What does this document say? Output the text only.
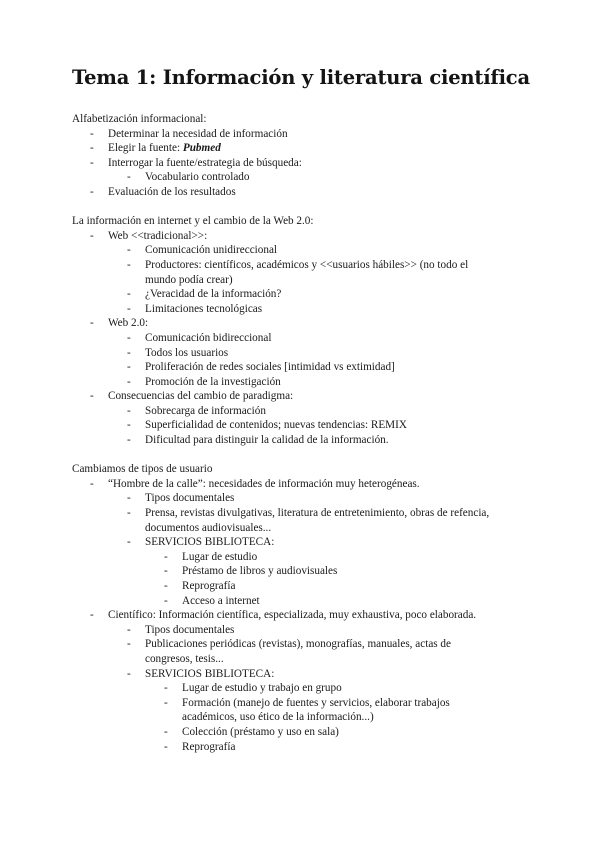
Tema 1: Información y literatura científica
Alfabetización informacional:
- Determinar la necesidad de información
- Elegir la fuente: Pubmed
- Interrogar la fuente/estrategia de búsqueda:
- Vocabulario controlado
- Evaluación de los resultados
La información en internet y el cambio de la Web 2.0:
- Web <<tradicional>>:
- Comunicación unidireccional
- Productores: científicos, académicos y <<usuarios hábiles>> (no todo el
mundo podía crear)
- ¿Veracidad de la información?
- Limitaciones tecnológicas
- Web 2.0:
- Comunicación bidireccional
- Todos los usuarios
- Proliferación de redes sociales [intimidad vs extimidad]
- Promoción de la investigación
- Consecuencias del cambio de paradigma:
- Sobrecarga de información
- Superficialidad de contenidos; nuevas tendencias: REMIX
- Dificultad para distinguir la calidad de la información.
Cambiamos de tipos de usuario
- “Hombre de la calle”: necesidades de información muy heterogéneas.
- Tipos documentales
- Prensa, revistas divulgativas, literatura de entretenimiento, obras de refencia,
documentos audiovisuales...
- SERVICIOS BIBLIOTECA:
- Lugar de estudio
- Préstamo de libros y audiovisuales
- Reprografía
- Acceso a internet
- Científico: Información científica, especializada, muy exhaustiva, poco elaborada.
- Tipos documentales
- Publicaciones periódicas (revistas), monografías, manuales, actas de
congresos, tesis...
- SERVICIOS BIBLIOTECA:
- Lugar de estudio y trabajo en grupo
- Formación (manejo de fuentes y servicios, elaborar trabajos
académicos, uso ético de la información...)
- Colección (préstamo y uso en sala)
- Reprografía
